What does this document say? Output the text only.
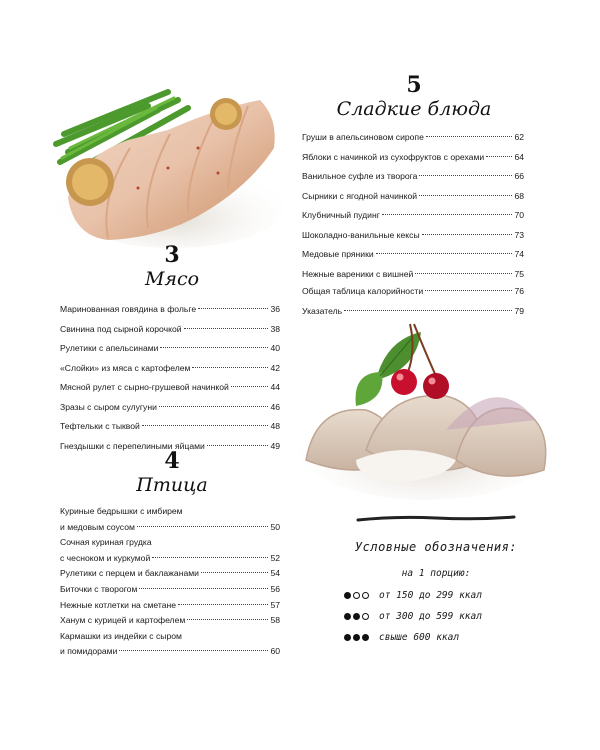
3
Мясо
Маринованная говядина в фольге	36
Свинина под сырной корочкой	38
Рулетики с апельсинами	40
«Слойки» из мяса с картофелем	42
Мясной рулет с сырно-грушевой начинкой	44
Зразы с сыром сулугуни	46
Тефтельки с тыквой	48
Гнездышки с перепелиными яйцами	49
4
Птица
Куриные бедрышки с имбирем
и медовым соусом	50
Сочная куриная грудка
с чесноком и куркумой	52
Рулетики с перцем и баклажанами	54
Биточки с творогом	56
Нежные котлетки на сметане	57
Ханум с курицей и картофелем	58
Кармашки из индейки с сыром
и помидорами	60
5
Сладкие блюда
Груши в апельсиновом сиропе	62
Яблоки с начинкой из сухофруктов с орехами	64
Ванильное суфле из творога	66
Сырники с ягодной начинкой	68
Клубничный пудинг	70
Шоколадно-ванильные кексы	73
Медовые пряники	74
Нежные вареники с вишней	75
Общая таблица калорийности	76
Указатель	79
Условные обозначения:
на 1 порцию:
от 150 до 299 ккал
от 300 до 599 ккал
свыше 600 ккал
